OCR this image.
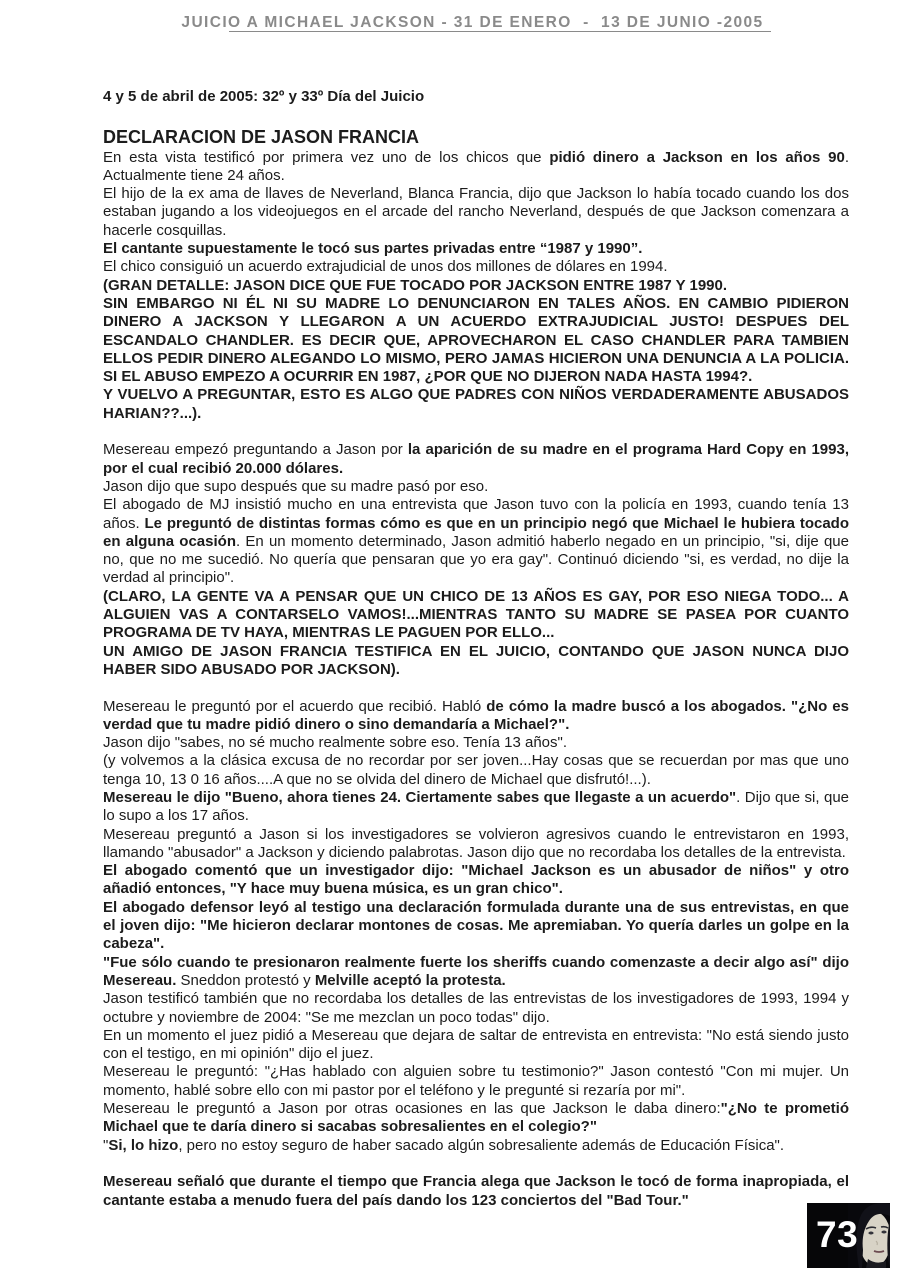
JUICIO A MICHAEL JACKSON - 31 DE ENERO  -  13 DE JUNIO -2005

4 y 5 de abril de 2005: 32º y 33º Día del Juicio

DECLARACION DE JASON FRANCIA

En esta vista testificó por primera vez uno de los chicos que pidió dinero a Jackson en los años 90. Actualmente tiene 24 años.

El hijo de la ex ama de llaves de Neverland, Blanca Francia, dijo que Jackson lo había tocado cuando los dos estaban jugando a los videojuegos en el arcade del rancho Neverland, después de que Jackson comenzara a hacerle cosquillas.

El cantante supuestamente le tocó sus partes privadas entre “1987 y 1990”.

El chico consiguió un acuerdo extrajudicial de unos dos millones de dólares en 1994.

(GRAN DETALLE: JASON DICE QUE FUE TOCADO POR JACKSON ENTRE 1987 Y 1990.

SIN EMBARGO NI ÉL NI SU MADRE LO DENUNCIARON EN TALES AÑOS. EN CAMBIO PIDIERON DINERO A JACKSON Y LLEGARON A UN ACUERDO EXTRAJUDICIAL JUSTO! DESPUES DEL ESCANDALO CHANDLER. ES DECIR QUE, APROVECHARON EL CASO CHANDLER PARA TAMBIEN ELLOS PEDIR DINERO ALEGANDO LO MISMO, PERO JAMAS HICIERON UNA DENUNCIA A LA POLICIA. SI EL ABUSO EMPEZO A OCURRIR EN 1987, ¿POR QUE NO DIJERON NADA HASTA 1994?.

Y VUELVO A PREGUNTAR, ESTO ES ALGO QUE PADRES CON NIÑOS VERDADERAMENTE ABUSADOS HARIAN??...).

Mesereau empezó preguntando a Jason por la aparición de su madre en el programa Hard Copy en 1993, por el cual recibió 20.000 dólares.

Jason dijo que supo después que su madre pasó por eso.

El abogado de MJ insistió mucho en una entrevista que Jason tuvo con la policía en 1993, cuando tenía 13 años. Le preguntó de distintas formas cómo es que en un principio negó que Michael le hubiera tocado en alguna ocasión. En un momento determinado, Jason admitió haberlo negado en un principio, "si, dije que no, que no me sucedió. No quería que pensaran que yo era gay". Continuó diciendo "si, es verdad, no dije la verdad al principio".

(CLARO, LA GENTE VA A PENSAR QUE UN CHICO DE 13 AÑOS ES GAY, POR ESO NIEGA TODO... A ALGUIEN VAS A CONTARSELO VAMOS!...MIENTRAS TANTO SU MADRE SE PASEA POR CUANTO PROGRAMA DE TV HAYA, MIENTRAS LE PAGUEN POR ELLO...

UN AMIGO DE JASON FRANCIA TESTIFICA EN EL JUICIO, CONTANDO QUE JASON NUNCA DIJO HABER SIDO ABUSADO POR JACKSON).

Mesereau le preguntó por el acuerdo que recibió. Habló de cómo la madre buscó a los abogados. "¿No es verdad que tu madre pidió dinero o sino demandaría a Michael?".

Jason dijo "sabes, no sé mucho realmente sobre eso. Tenía 13 años".

(y volvemos a la clásica excusa de no recordar por ser joven...Hay cosas que se recuerdan por mas que uno tenga 10, 13 0 16 años....A que no se olvida del dinero de Michael que disfrutó!...).

Mesereau le dijo "Bueno, ahora tienes 24. Ciertamente sabes que llegaste a un acuerdo". Dijo que si, que lo supo a los 17 años.

Mesereau preguntó a Jason si los investigadores se volvieron agresivos cuando le entrevistaron en 1993, llamando "abusador" a Jackson y diciendo palabrotas. Jason dijo que no recordaba los detalles de la entrevista.

El abogado comentó que un investigador dijo: "Michael Jackson es un abusador de niños" y otro añadió entonces, "Y hace muy buena música, es un gran chico".

El abogado defensor leyó al testigo una declaración formulada durante una de sus entrevistas, en que el joven dijo: "Me hicieron declarar montones de cosas. Me apremiaban. Yo quería darles un golpe en la cabeza".

"Fue sólo cuando te presionaron realmente fuerte los sheriffs cuando comenzaste a decir algo así" dijo Mesereau. Sneddon protestó y Melville aceptó la protesta.

Jason testificó también que no recordaba los detalles de las entrevistas de los investigadores de 1993, 1994 y octubre y noviembre de 2004: "Se me mezclan un poco todas" dijo.

En un momento el juez pidió a Mesereau que dejara de saltar de entrevista en entrevista: "No está siendo justo con el testigo, en mi opinión" dijo el juez.

Mesereau le preguntó: "¿Has hablado con alguien sobre tu testimonio?" Jason contestó "Con mi mujer. Un momento, hablé sobre ello con mi pastor por el teléfono y le pregunté si rezaría por mi".

Mesereau le preguntó a Jason por otras ocasiones en las que Jackson le daba dinero:"¿No te prometió Michael que te daría dinero si sacabas sobresalientes en el colegio?"

"Si, lo hizo, pero no estoy seguro de haber sacado algún sobresaliente además de Educación Física".

Mesereau señaló que durante el tiempo que Francia alega que Jackson le tocó de forma inapropiada, el cantante estaba a menudo fuera del país dando los 123 conciertos del "Bad Tour."

73
